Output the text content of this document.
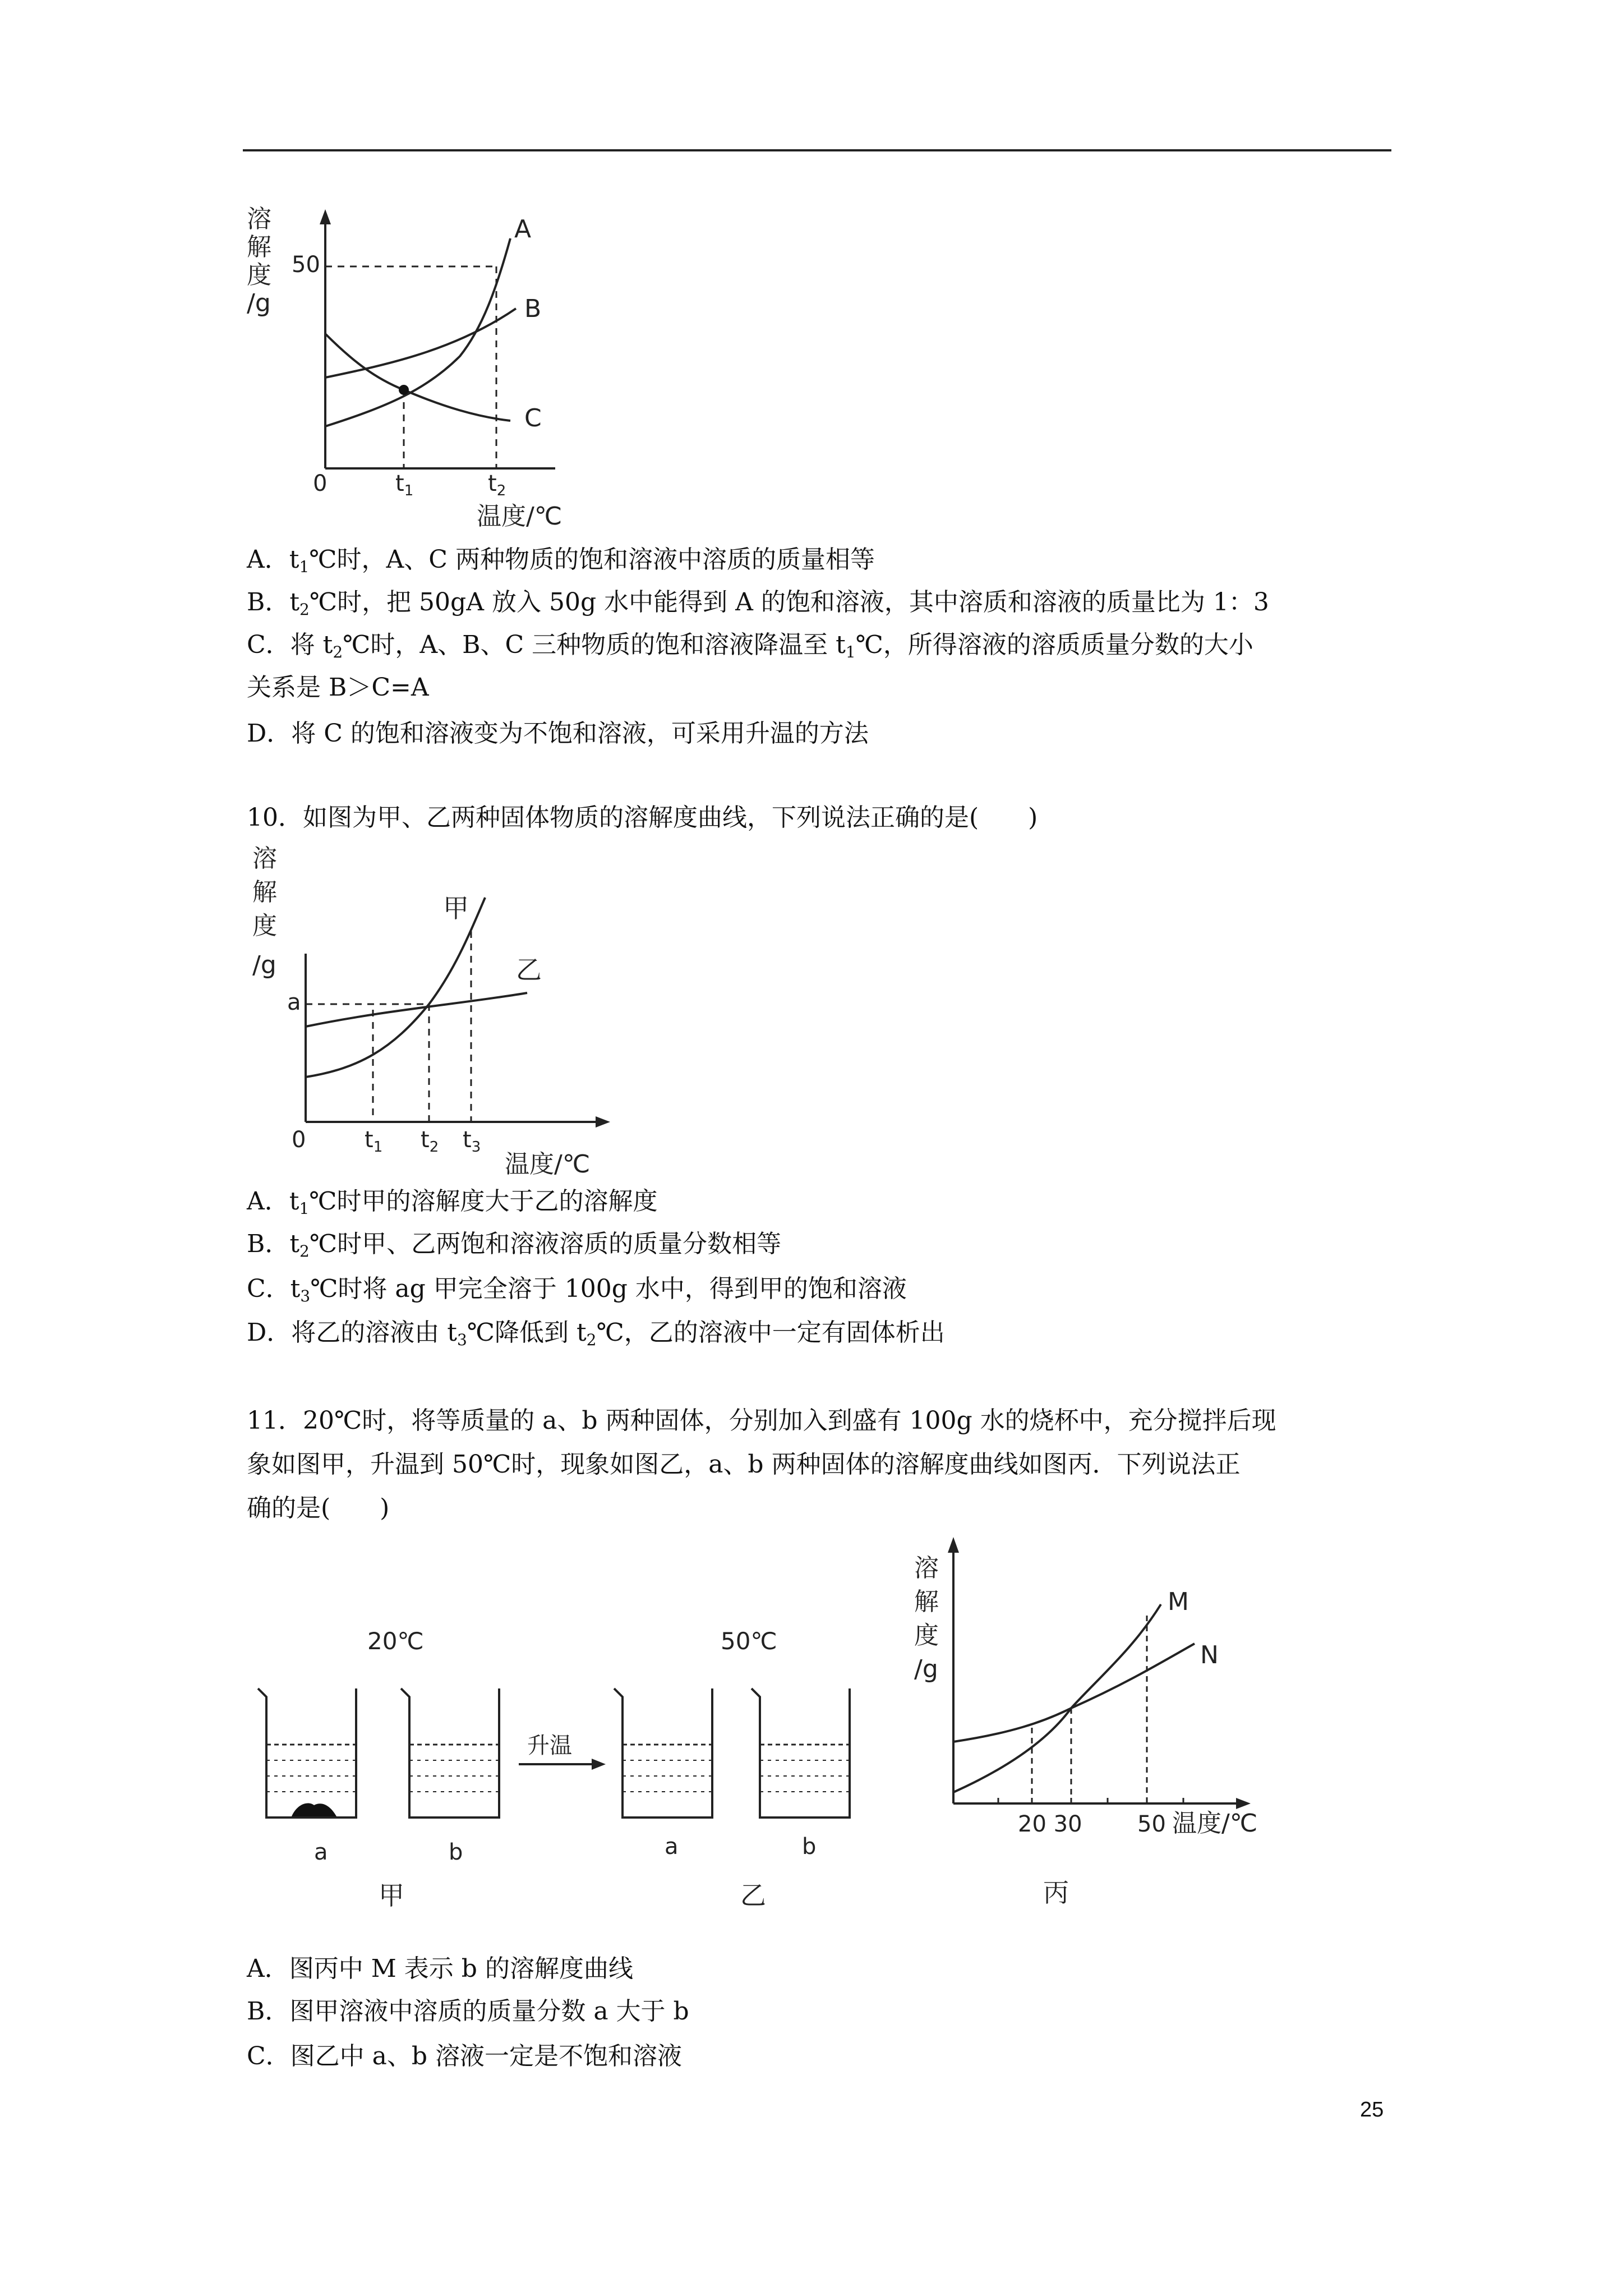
溶
解
度
/g
50
A
B
C
0	$t_1$	$t_2$
温度/℃
A．$t_1℃$时，A、C 两种物质的饱和溶液中溶质的质量相等
B．$t_2℃$时，把 50gA 放入 50g 水中能得到 A 的饱和溶液，其中溶质和溶液的质量比为 1：3
C．将 $t_2℃$时，A、B、C 三种物质的饱和溶液降温至 $t_1℃$，所得溶液的溶质质量分数的大小
关系是 B＞C=A
D．将 C 的饱和溶液变为不饱和溶液，可采用升温的方法
10．如图为甲、乙两种固体物质的溶解度曲线，下列说法正确的是(　　)
溶
解
度
/g
a
甲
乙
0	$t_1$ $t_2$ $t_3$
温度/℃
A．$t_1℃$时甲的溶解度大于乙的溶解度
B．$t_2℃$时甲、乙两饱和溶液溶质的质量分数相等
C．$t_3℃$时将 ag 甲完全溶于 100g 水中，得到甲的饱和溶液
D．将乙的溶液由 $t_3℃$降低到 $t_2℃$，乙的溶液中一定有固体析出
11．20℃时，将等质量的 a、b 两种固体，分别加入到盛有 100g 水的烧杯中，充分搅拌后现
象如图甲，升温到 50℃时，现象如图乙，a、b 两种固体的溶解度曲线如图丙．下列说法正
确的是(　　)
20℃	50℃
升温
a	b	a	b
甲	乙
溶
解
度
/g
M
N
20 30 50 温度/℃
丙
A．图丙中 M 表示 b 的溶解度曲线
B．图甲溶液中溶质的质量分数 a 大于 b
C．图乙中 a、b 溶液一定是不饱和溶液
25
